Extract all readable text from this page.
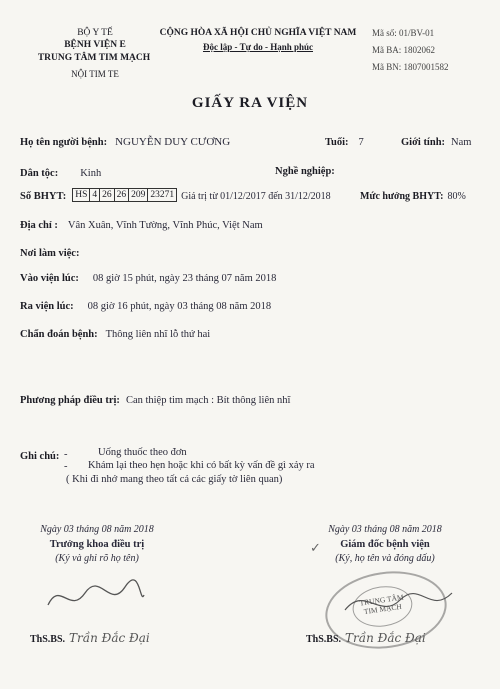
BỘ Y TẾ
BỆNH VIỆN E
TRUNG TÂM TIM MẠCH
NỘI TIM TE
CỘNG HÒA XÃ HỘI CHỦ NGHĨA VIỆT NAM
Độc lập - Tự do - Hạnh phúc
Mã số: 01/BV-01
Mã BA: 1802062
Mã BN: 1807001582
GIẤY RA VIỆN
Họ tên người bệnh: NGUYỄN DUY CƯƠNG	Tuổi: 7	Giới tính: Nam
Dân tộc: Kinh	Nghề nghiệp:
Số BHYT: HS 4 26 26 209 23271 Giá trị từ 01/12/2017 đến 31/12/2018	Mức hưởng BHYT: 80%
Địa chỉ : Vân Xuân, Vĩnh Tường, Vĩnh Phúc, Việt Nam
Nơi làm việc:
Vào viện lúc: 08 giờ 15 phút, ngày 23 tháng 07 năm 2018
Ra viện lúc: 08 giờ 16 phút, ngày 03 tháng 08 năm 2018
Chẩn đoán bệnh: Thông liên nhĩ lỗ thứ hai
Phương pháp điều trị: Can thiệp tim mạch : Bít thông liên nhĩ
Ghi chú: -	Uống thuốc theo đơn
- Khám lại theo hẹn hoặc khi có bất kỳ vấn đề gì xảy ra
( Khi đi nhớ mang theo tất cả các giấy tờ liên quan)
Ngày 03 tháng 08 năm 2018
Trưởng khoa điều trị
(Ký và ghi rõ họ tên)
ThS.BS. Trần Đắc Đại
Ngày 03 tháng 08 năm 2018
Giám đốc bệnh viện
(Ký, họ tên và đóng dấu)
✓
TRUNG TÂM TIM MẠCH
ThS.BS. Trần Đắc Đại
